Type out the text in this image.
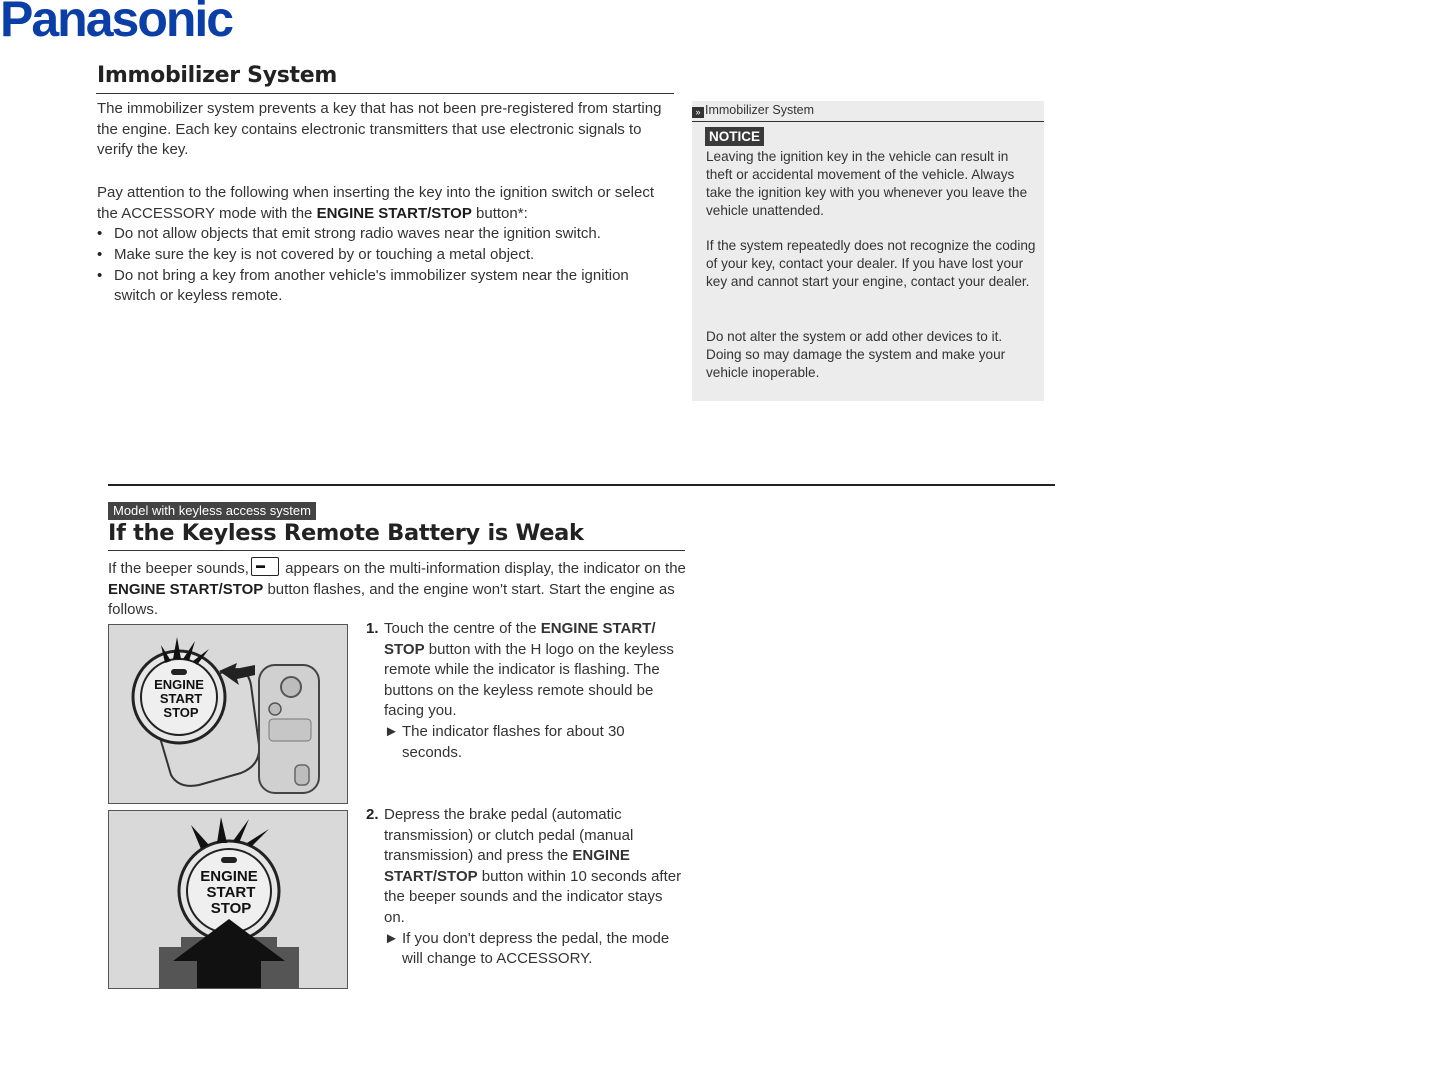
Panasonic
Immobilizer System

The immobilizer system prevents a key that has not been pre-registered from starting the engine. Each key contains electronic transmitters that use electronic signals to verify the key.

Pay attention to the following when inserting the key into the ignition switch or select the ACCESSORY mode with the ENGINE START/STOP button*:

• Do not allow objects that emit strong radio waves near the ignition switch.
• Make sure the key is not covered by or touching a metal object.
• Do not bring a key from another vehicle's immobilizer system near the ignition switch or keyless remote.
» Immobilizer System
NOTICE

Leaving the ignition key in the vehicle can result in theft or accidental movement of the vehicle. Always take the ignition key with you whenever you leave the vehicle unattended.

If the system repeatedly does not recognize the coding of your key, contact your dealer. If you have lost your key and cannot start your engine, contact your dealer.

Do not alter the system or add other devices to it. Doing so may damage the system and make your vehicle inoperable.

Model with keyless access system
If the Keyless Remote Battery is Weak

If the beeper sounds, ▬ appears on the multi-information display, the indicator on the ENGINE START/STOP button flashes, and the engine won't start. Start the engine as follows.

ENGINE
START
STOP
ENGINE
START
STOP
1. Touch the centre of the ENGINE START/ STOP button with the H logo on the keyless remote while the indicator is flashing. The buttons on the keyless remote should be facing you.
► The indicator flashes for about 30 seconds.
2. Depress the brake pedal (automatic transmission) or clutch pedal (manual transmission) and press the ENGINE START/STOP button within 10 seconds after the beeper sounds and the indicator stays on.
► If you don't depress the pedal, the mode will change to ACCESSORY.
